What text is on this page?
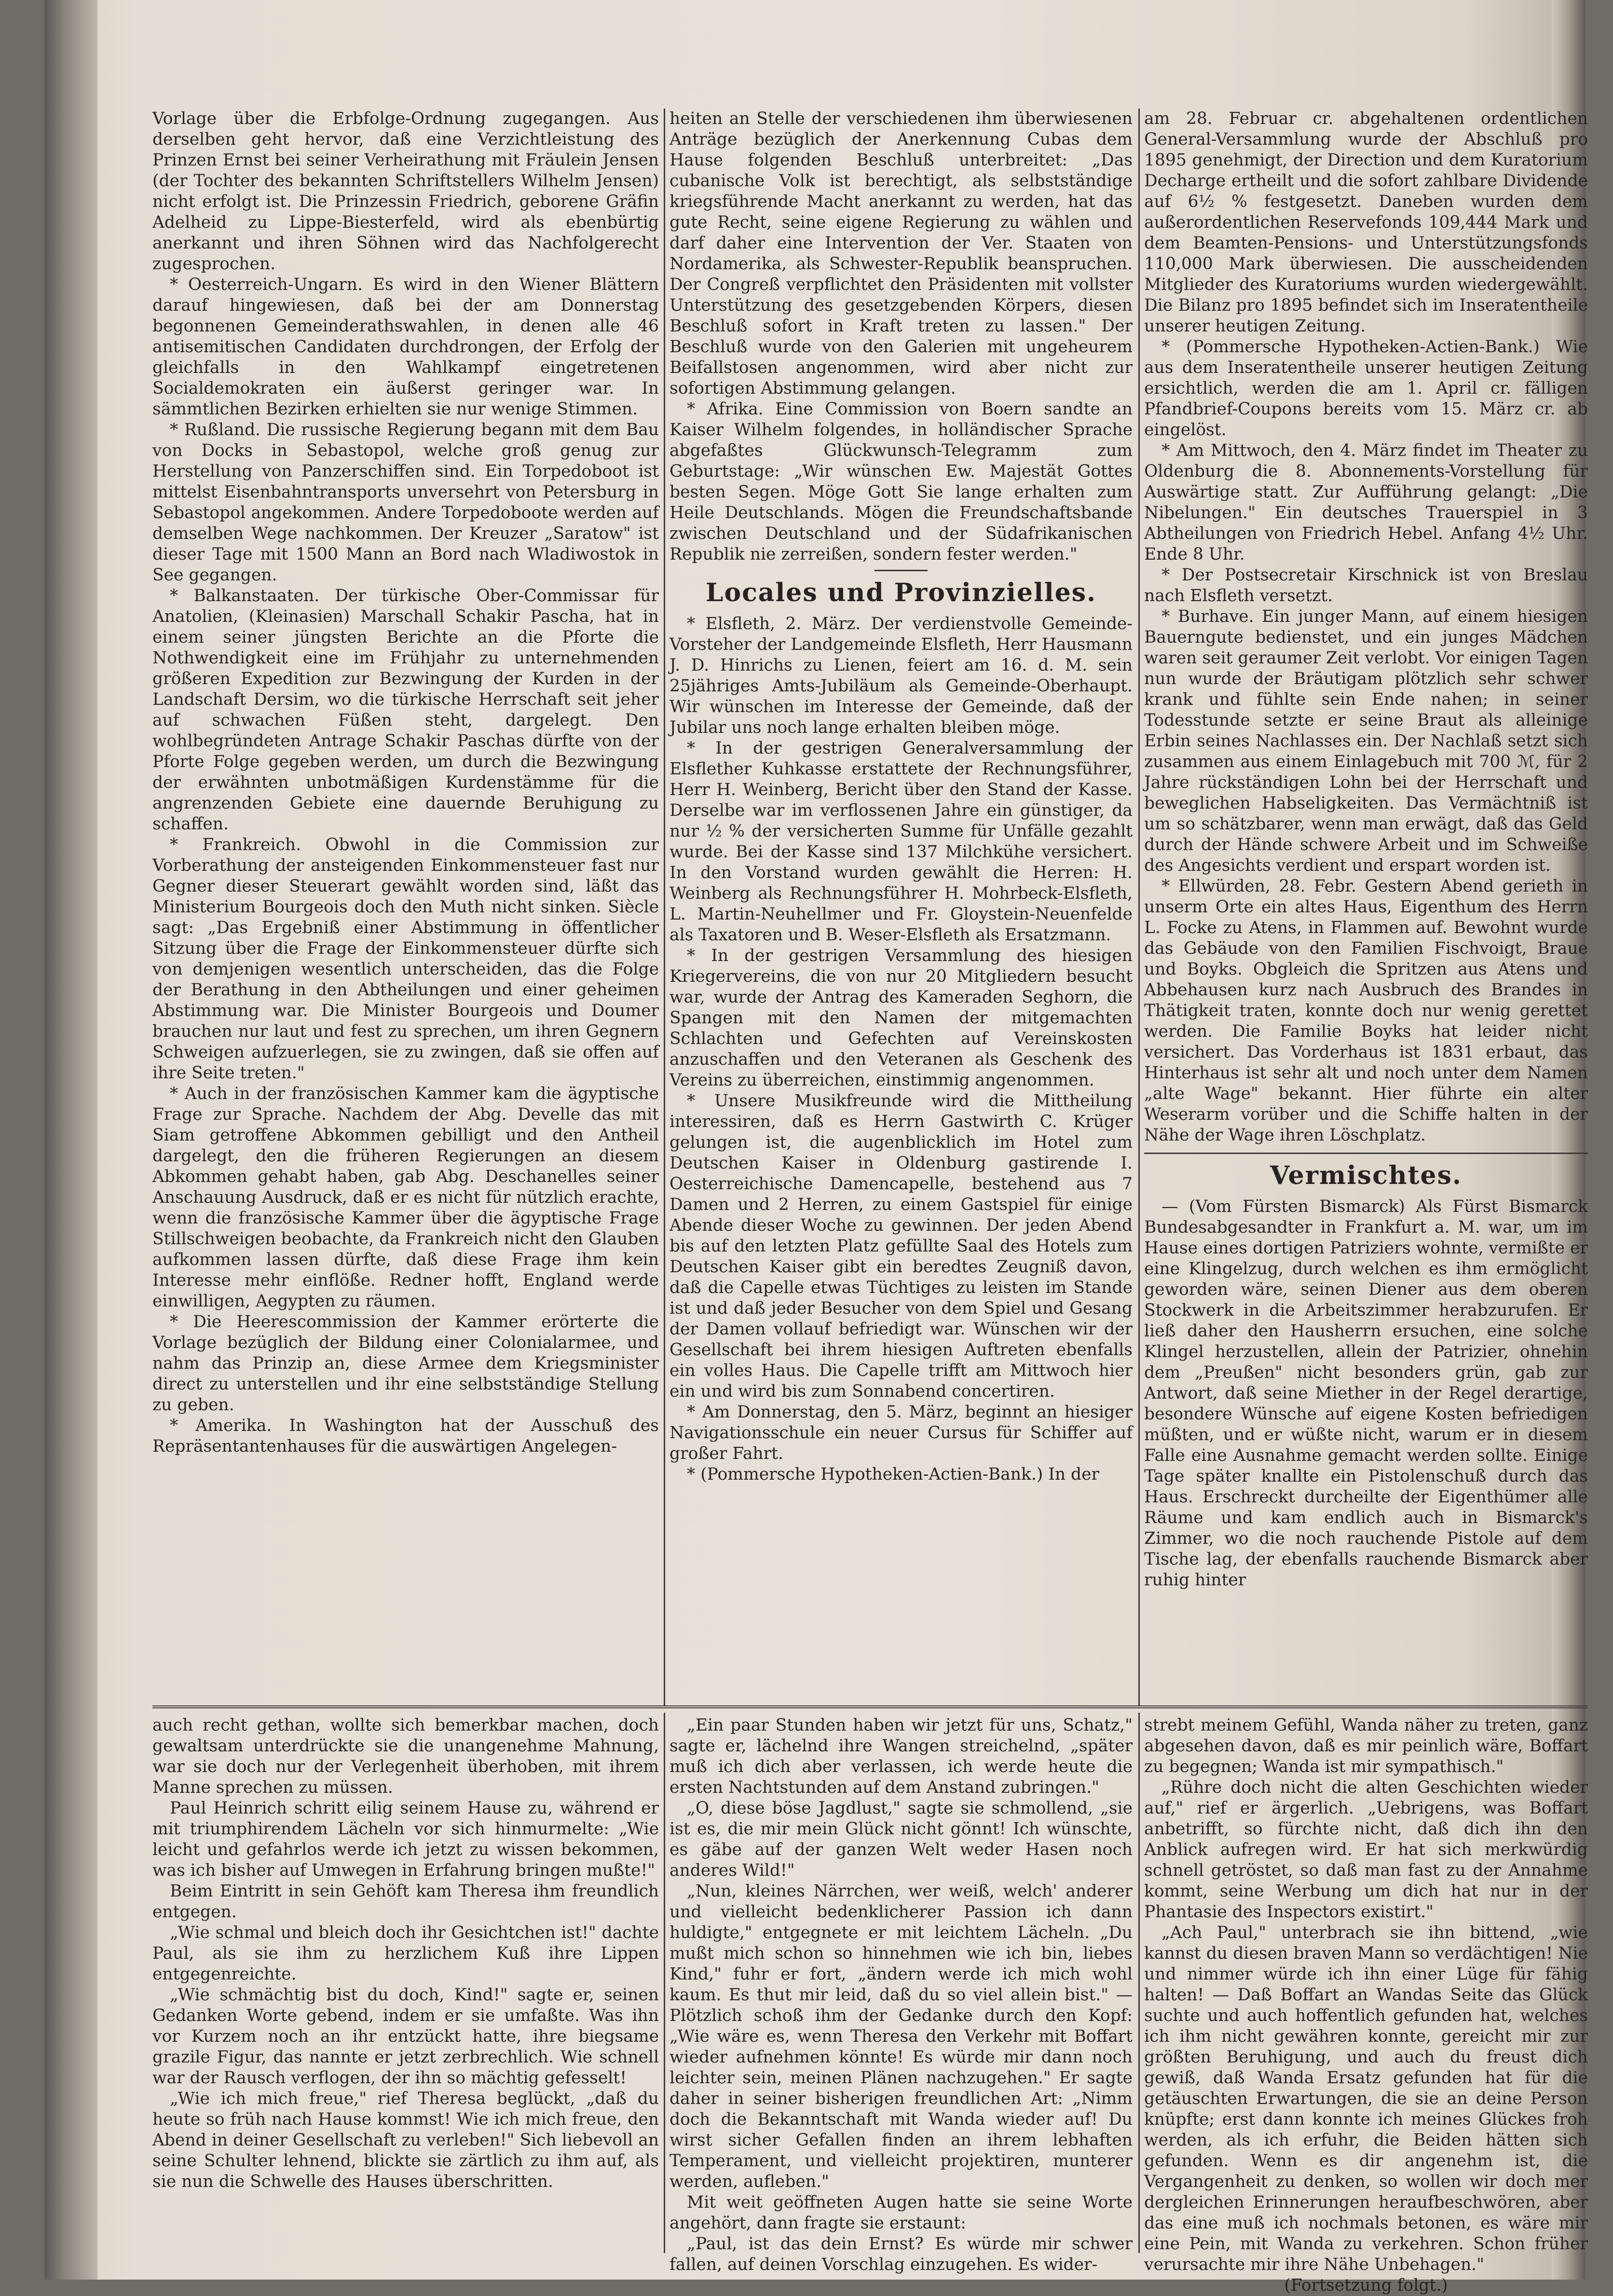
Vorlage über die Erbfolge-Ordnung zugegangen. Aus derselben geht hervor, daß eine Verzichtleistung des Prinzen Ernst bei seiner Verheirathung mit Fräulein Jensen (der Tochter des bekannten Schriftstellers Wilhelm Jensen) nicht erfolgt ist. Die Prinzessin Friedrich, geborene Gräfin Adelheid zu Lippe-Biesterfeld, wird als ebenbürtig anerkannt und ihren Söhnen wird das Nachfolgerecht zugesprochen.

* Oesterreich-Ungarn. Es wird in den Wiener Blättern darauf hingewiesen, daß bei der am Donnerstag begonnenen Gemeinderathswahlen, in denen alle 46 antisemitischen Candidaten durchdrongen, der Erfolg der gleichfalls in den Wahlkampf eingetretenen Socialdemokraten ein äußerst geringer war. In sämmtlichen Bezirken erhielten sie nur wenige Stimmen.

* Rußland. Die russische Regierung begann mit dem Bau von Docks in Sebastopol, welche groß genug zur Herstellung von Panzerschiffen sind. Ein Torpedoboot ist mittelst Eisenbahntransports unversehrt von Petersburg in Sebastopol angekommen. Andere Torpedoboote werden auf demselben Wege nachkommen. Der Kreuzer „Saratow" ist dieser Tage mit 1500 Mann an Bord nach Wladiwostok in See gegangen.

* Balkanstaaten. Der türkische Ober-Commissar für Anatolien, (Kleinasien) Marschall Schakir Pascha, hat in einem seiner jüngsten Berichte an die Pforte die Nothwendigkeit eine im Frühjahr zu unternehmenden größeren Expedition zur Bezwingung der Kurden in der Landschaft Dersim, wo die türkische Herrschaft seit jeher auf schwachen Füßen steht, dargelegt. Den wohlbegründeten Antrage Schakir Paschas dürfte von der Pforte Folge gegeben werden, um durch die Bezwingung der erwähnten unbotmäßigen Kurdenstämme für die angrenzenden Gebiete eine dauernde Beruhigung zu schaffen.

* Frankreich. Obwohl in die Commission zur Vorberathung der ansteigenden Einkommensteuer fast nur Gegner dieser Steuerart gewählt worden sind, läßt das Ministerium Bourgeois doch den Muth nicht sinken. Siècle sagt: „Das Ergebniß einer Abstimmung in öffentlicher Sitzung über die Frage der Einkommensteuer dürfte sich von demjenigen wesentlich unterscheiden, das die Folge der Berathung in den Abtheilungen und einer geheimen Abstimmung war. Die Minister Bourgeois und Doumer brauchen nur laut und fest zu sprechen, um ihren Gegnern Schweigen aufzuerlegen, sie zu zwingen, daß sie offen auf ihre Seite treten."

* Auch in der französischen Kammer kam die ägyptische Frage zur Sprache. Nachdem der Abg. Develle das mit Siam getroffene Abkommen gebilligt und den Antheil dargelegt, den die früheren Regierungen an diesem Abkommen gehabt haben, gab Abg. Deschanelles seiner Anschauung Ausdruck, daß er es nicht für nützlich erachte, wenn die französische Kammer über die ägyptische Frage Stillschweigen beobachte, da Frankreich nicht den Glauben aufkommen lassen dürfte, daß diese Frage ihm kein Interesse mehr einflöße. Redner hofft, England werde einwilligen, Aegypten zu räumen.

* Die Heerescommission der Kammer erörterte die Vorlage bezüglich der Bildung einer Colonialarmee, und nahm das Prinzip an, diese Armee dem Kriegsminister direct zu unterstellen und ihr eine selbstständige Stellung zu geben.

* Amerika. In Washington hat der Ausschuß des Repräsentantenhauses für die auswärtigen Angelegen-

heiten an Stelle der verschiedenen ihm überwiesenen Anträge bezüglich der Anerkennung Cubas dem Hause folgenden Beschluß unterbreitet: „Das cubanische Volk ist berechtigt, als selbstständige kriegsführende Macht anerkannt zu werden, hat das gute Recht, seine eigene Regierung zu wählen und darf daher eine Intervention der Ver. Staaten von Nordamerika, als Schwester-Republik beanspruchen. Der Congreß verpflichtet den Präsidenten mit vollster Unterstützung des gesetzgebenden Körpers, diesen Beschluß sofort in Kraft treten zu lassen." Der Beschluß wurde von den Galerien mit ungeheurem Beifallstosen angenommen, wird aber nicht zur sofortigen Abstimmung gelangen.

* Afrika. Eine Commission von Boern sandte an Kaiser Wilhelm folgendes, in holländischer Sprache abgefaßtes Glückwunsch-Telegramm zum Geburtstage: „Wir wünschen Ew. Majestät Gottes besten Segen. Möge Gott Sie lange erhalten zum Heile Deutschlands. Mögen die Freundschaftsbande zwischen Deutschland und der Südafrikanischen Republik nie zerreißen, sondern fester werden."

Locales und Provinzielles.

* Elsfleth, 2. März. Der verdienstvolle Gemeinde-Vorsteher der Landgemeinde Elsfleth, Herr Hausmann J. D. Hinrichs zu Lienen, feiert am 16. d. M. sein 25jähriges Amts-Jubiläum als Gemeinde-Oberhaupt. Wir wünschen im Interesse der Gemeinde, daß der Jubilar uns noch lange erhalten bleiben möge.

* In der gestrigen Generalversammlung der Elsflether Kuhkasse erstattete der Rechnungsführer, Herr H. Weinberg, Bericht über den Stand der Kasse. Derselbe war im verflossenen Jahre ein günstiger, da nur ½ % der versicherten Summe für Unfälle gezahlt wurde. Bei der Kasse sind 137 Milchkühe versichert. In den Vorstand wurden gewählt die Herren: H. Weinberg als Rechnungsführer H. Mohrbeck-Elsfleth, L. Martin-Neuhellmer und Fr. Gloystein-Neuenfelde als Taxatoren und B. Weser-Elsfleth als Ersatzmann.

* In der gestrigen Versammlung des hiesigen Kriegervereins, die von nur 20 Mitgliedern besucht war, wurde der Antrag des Kameraden Seghorn, die Spangen mit den Namen der mitgemachten Schlachten und Gefechten auf Vereinskosten anzuschaffen und den Veteranen als Geschenk des Vereins zu überreichen, einstimmig angenommen.

* Unsere Musikfreunde wird die Mittheilung interessiren, daß es Herrn Gastwirth C. Krüger gelungen ist, die augenblicklich im Hotel zum Deutschen Kaiser in Oldenburg gastirende I. Oesterreichische Damencapelle, bestehend aus 7 Damen und 2 Herren, zu einem Gastspiel für einige Abende dieser Woche zu gewinnen. Der jeden Abend bis auf den letzten Platz gefüllte Saal des Hotels zum Deutschen Kaiser gibt ein beredtes Zeugniß davon, daß die Capelle etwas Tüchtiges zu leisten im Stande ist und daß jeder Besucher von dem Spiel und Gesang der Damen vollauf befriedigt war. Wünschen wir der Gesellschaft bei ihrem hiesigen Auftreten ebenfalls ein volles Haus. Die Capelle trifft am Mittwoch hier ein und wird bis zum Sonnabend concertiren.

* Am Donnerstag, den 5. März, beginnt an hiesiger Navigationsschule ein neuer Cursus für Schiffer auf großer Fahrt.

* (Pommersche Hypotheken-Actien-Bank.) In der

am 28. Februar cr. abgehaltenen ordentlichen General-Versammlung wurde der Abschluß pro 1895 genehmigt, der Direction und dem Kuratorium Decharge ertheilt und die sofort zahlbare Dividende auf 6½ % festgesetzt. Daneben wurden dem außerordentlichen Reservefonds 109,444 Mark und dem Beamten-Pensions- und Unterstützungsfonds 110,000 Mark überwiesen. Die ausscheidenden Mitglieder des Kuratoriums wurden wiedergewählt. Die Bilanz pro 1895 befindet sich im Inseratentheile unserer heutigen Zeitung.

* (Pommersche Hypotheken-Actien-Bank.) Wie aus dem Inseratentheile unserer heutigen Zeitung ersichtlich, werden die am 1. April cr. fälligen Pfandbrief-Coupons bereits vom 15. März cr. ab eingelöst.

* Am Mittwoch, den 4. März findet im Theater zu Oldenburg die 8. Abonnements-Vorstellung für Auswärtige statt. Zur Aufführung gelangt: „Die Nibelungen." Ein deutsches Trauerspiel in 3 Abtheilungen von Friedrich Hebel. Anfang 4½ Uhr. Ende 8 Uhr.

* Der Postsecretair Kirschnick ist von Breslau nach Elsfleth versetzt.

* Burhave. Ein junger Mann, auf einem hiesigen Bauerngute bedienstet, und ein junges Mädchen waren seit geraumer Zeit verlobt. Vor einigen Tagen nun wurde der Bräutigam plötzlich sehr schwer krank und fühlte sein Ende nahen; in seiner Todesstunde setzte er seine Braut als alleinige Erbin seines Nachlasses ein. Der Nachlaß setzt sich zusammen aus einem Einlagebuch mit 700 ℳ, für 2 Jahre rückständigen Lohn bei der Herrschaft und beweglichen Habseligkeiten. Das Vermächtniß ist um so schätzbarer, wenn man erwägt, daß das Geld durch der Hände schwere Arbeit und im Schweiße des Angesichts verdient und erspart worden ist.

* Ellwürden, 28. Febr. Gestern Abend gerieth in unserm Orte ein altes Haus, Eigenthum des Herrn L. Focke zu Atens, in Flammen auf. Bewohnt wurde das Gebäude von den Familien Fischvoigt, Braue und Boyks. Obgleich die Spritzen aus Atens und Abbehausen kurz nach Ausbruch des Brandes in Thätigkeit traten, konnte doch nur wenig gerettet werden. Die Familie Boyks hat leider nicht versichert. Das Vorderhaus ist 1831 erbaut, das Hinterhaus ist sehr alt und noch unter dem Namen „alte Wage" bekannt. Hier führte ein alter Weserarm vorüber und die Schiffe halten in der Nähe der Wage ihren Löschplatz.

Vermischtes.

— (Vom Fürsten Bismarck) Als Fürst Bismarck Bundesabgesandter in Frankfurt a. M. war, um im Hause eines dortigen Patriziers wohnte, vermißte er eine Klingelzug, durch welchen es ihm ermöglicht geworden wäre, seinen Diener aus dem oberen Stockwerk in die Arbeitszimmer herabzurufen. Er ließ daher den Hausherrn ersuchen, eine solche Klingel herzustellen, allein der Patrizier, ohnehin dem „Preußen" nicht besonders grün, gab zur Antwort, daß seine Miether in der Regel derartige, besondere Wünsche auf eigene Kosten befriedigen müßten, und er wüßte nicht, warum er in diesem Falle eine Ausnahme gemacht werden sollte. Einige Tage später knallte ein Pistolenschuß durch das Haus. Erschreckt durcheilte der Eigenthümer alle Räume und kam endlich auch in Bismarck's Zimmer, wo die noch rauchende Pistole auf dem Tische lag, der ebenfalls rauchende Bismarck aber ruhig hinter

auch recht gethan, wollte sich bemerkbar machen, doch gewaltsam unterdrückte sie die unangenehme Mahnung, war sie doch nur der Verlegenheit überhoben, mit ihrem Manne sprechen zu müssen.

Paul Heinrich schritt eilig seinem Hause zu, während er mit triumphirendem Lächeln vor sich hinmurmelte: „Wie leicht und gefahrlos werde ich jetzt zu wissen bekommen, was ich bisher auf Umwegen in Erfahrung bringen mußte!"

Beim Eintritt in sein Gehöft kam Theresa ihm freundlich entgegen.

„Wie schmal und bleich doch ihr Gesichtchen ist!" dachte Paul, als sie ihm zu herzlichem Kuß ihre Lippen entgegenreichte.

„Wie schmächtig bist du doch, Kind!" sagte er, seinen Gedanken Worte gebend, indem er sie umfaßte. Was ihn vor Kurzem noch an ihr entzückt hatte, ihre biegsame grazile Figur, das nannte er jetzt zerbrechlich. Wie schnell war der Rausch verflogen, der ihn so mächtig gefesselt!

„Wie ich mich freue," rief Theresa beglückt, „daß du heute so früh nach Hause kommst! Wie ich mich freue, den Abend in deiner Gesellschaft zu verleben!" Sich liebevoll an seine Schulter lehnend, blickte sie zärtlich zu ihm auf, als sie nun die Schwelle des Hauses überschritten.

„Ein paar Stunden haben wir jetzt für uns, Schatz," sagte er, lächelnd ihre Wangen streichelnd, „später muß ich dich aber verlassen, ich werde heute die ersten Nachtstunden auf dem Anstand zubringen."

„O, diese böse Jagdlust," sagte sie schmollend, „sie ist es, die mir mein Glück nicht gönnt! Ich wünschte, es gäbe auf der ganzen Welt weder Hasen noch anderes Wild!"

„Nun, kleines Närrchen, wer weiß, welch' anderer und vielleicht bedenklicherer Passion ich dann huldigte," entgegnete er mit leichtem Lächeln. „Du mußt mich schon so hinnehmen wie ich bin, liebes Kind," fuhr er fort, „ändern werde ich mich wohl kaum. Es thut mir leid, daß du so viel allein bist." — Plötzlich schoß ihm der Gedanke durch den Kopf: „Wie wäre es, wenn Theresa den Verkehr mit Boffart wieder aufnehmen könnte! Es würde mir dann noch leichter sein, meinen Plänen nachzugehen." Er sagte daher in seiner bisherigen freundlichen Art: „Nimm doch die Bekanntschaft mit Wanda wieder auf! Du wirst sicher Gefallen finden an ihrem lebhaften Temperament, und vielleicht projektiren, munterer werden, aufleben."

Mit weit geöffneten Augen hatte sie seine Worte angehört, dann fragte sie erstaunt:

„Paul, ist das dein Ernst? Es würde mir schwer fallen, auf deinen Vorschlag einzugehen. Es wider-

strebt meinem Gefühl, Wanda näher zu treten, ganz abgesehen davon, daß es mir peinlich wäre, Boffart zu begegnen; Wanda ist mir sympathisch."

„Rühre doch nicht die alten Geschichten wieder auf," rief er ärgerlich. „Uebrigens, was Boffart anbetrifft, so fürchte nicht, daß dich ihn den Anblick aufregen wird. Er hat sich merkwürdig schnell getröstet, so daß man fast zu der Annahme kommt, seine Werbung um dich hat nur in der Phantasie des Inspectors existirt."

„Ach Paul," unterbrach sie ihn bittend, „wie kannst du diesen braven Mann so verdächtigen! Nie und nimmer würde ich ihn einer Lüge für fähig halten! — Daß Boffart an Wandas Seite das Glück suchte und auch hoffentlich gefunden hat, welches ich ihm nicht gewähren konnte, gereicht mir zur größten Beruhigung, und auch du freust dich gewiß, daß Wanda Ersatz gefunden hat für die getäuschten Erwartungen, die sie an deine Person knüpfte; erst dann konnte ich meines Glückes froh werden, als ich erfuhr, die Beiden hätten sich gefunden. Wenn es dir angenehm ist, die Vergangenheit zu denken, so wollen wir doch mer dergleichen Erinnerungen heraufbeschwören, aber das eine muß ich nochmals betonen, es wäre mir eine Pein, mit Wanda zu verkehren. Schon früher verursachte mir ihre Nähe Unbehagen."

(Fortsetzung folgt.)
